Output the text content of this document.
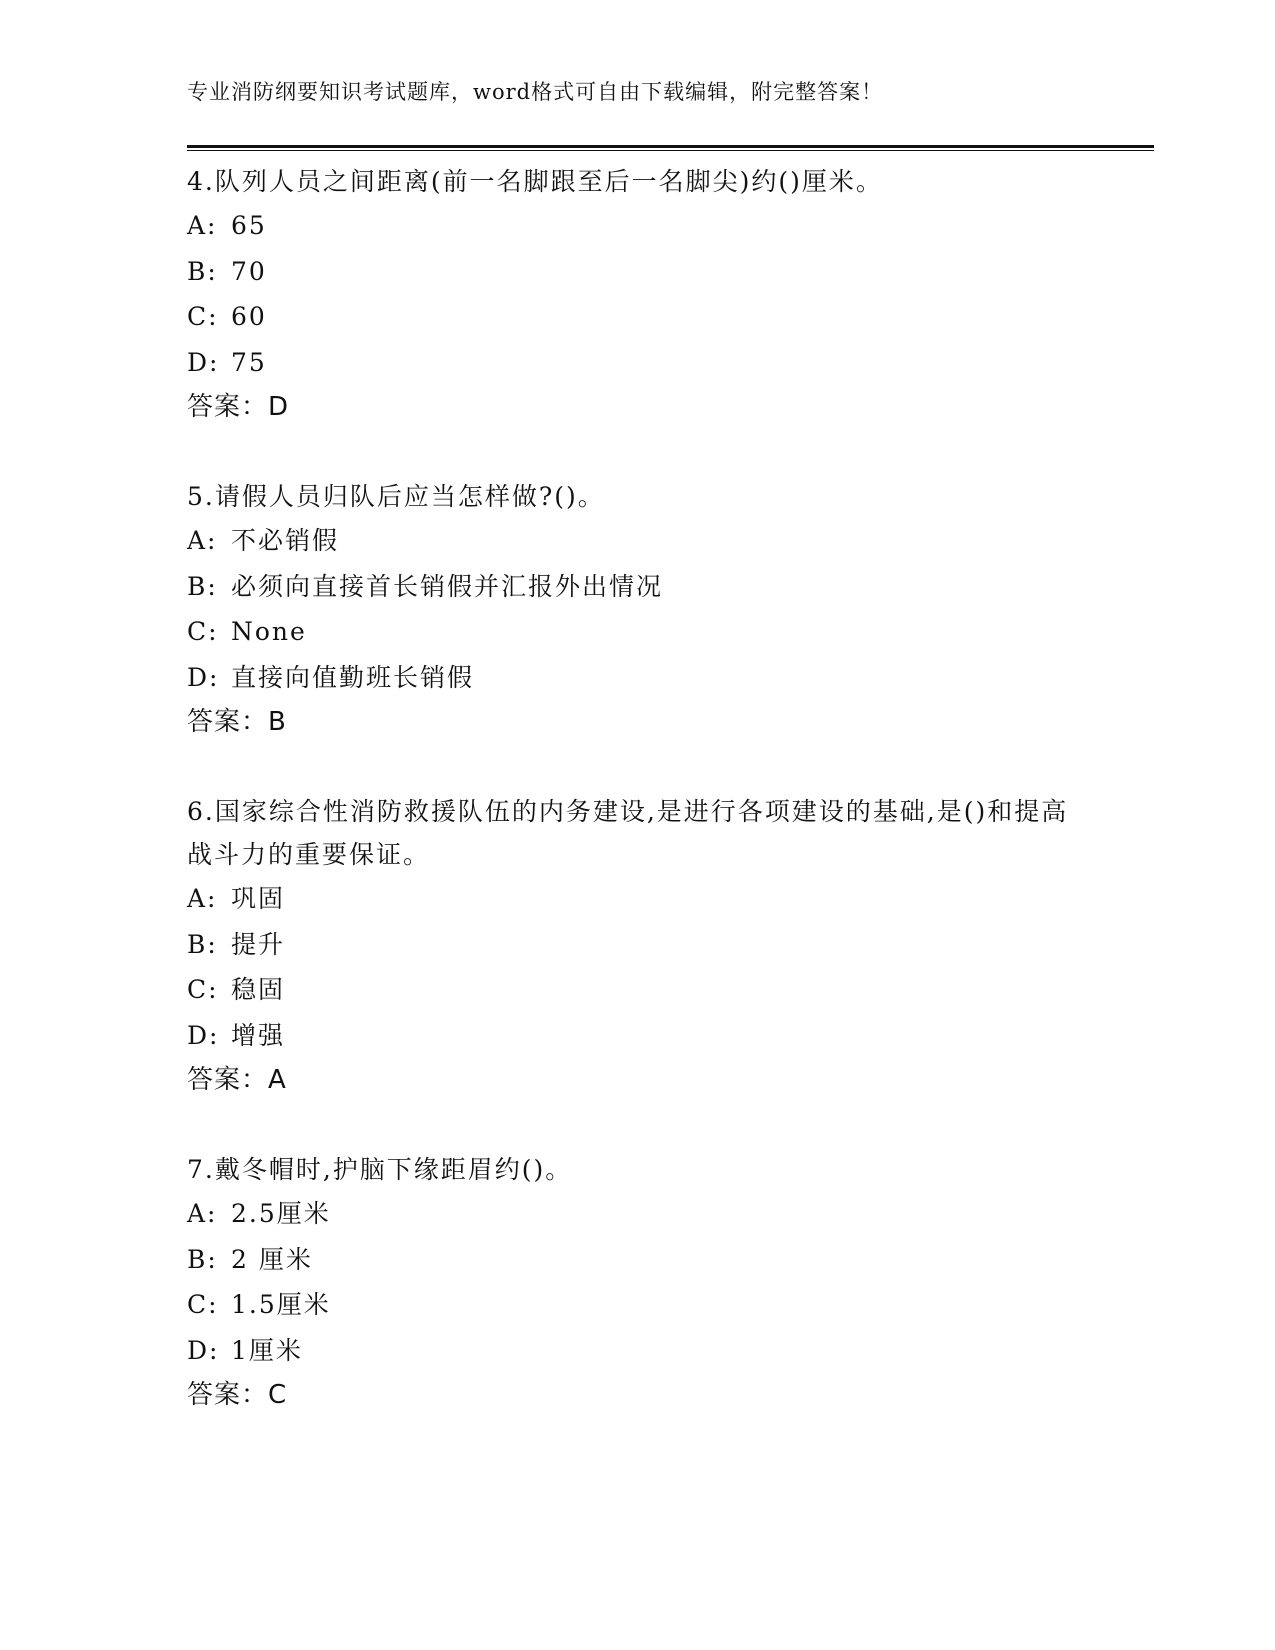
专业消防纲要知识考试题库，word格式可自由下载编辑，附完整答案！

4.队列人员之间距离(前一名脚跟至后一名脚尖)约()厘米。

A: 65
B: 70
C: 60
D: 75
答案：D

5.请假人员归队后应当怎样做?()。

A: 不必销假
B: 必须向直接首长销假并汇报外出情况
C: None
D: 直接向值勤班长销假
答案：B

6.国家综合性消防救援队伍的内务建设,是进行各项建设的基础,是()和提高战斗力的重要保证。

A: 巩固
B: 提升
C: 稳固
D: 增强
答案：A

7.戴冬帽时,护脑下缘距眉约()。

A: 2.5厘米
B: 2 厘米
C: 1.5厘米
D: 1厘米
答案：C
